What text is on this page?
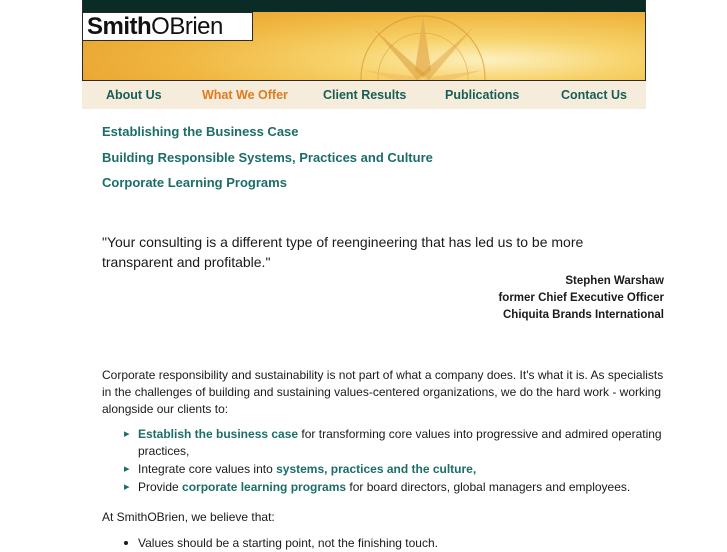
Smith OBrien
About Us	What We Offer	Client Results	Publications	Contact Us
Establishing the Business Case
Building Responsible Systems, Practices and Culture
Corporate Learning Programs
"Your consulting is a different type of reengineering that has led us to be more transparent and profitable."
Stephen Warshaw
former Chief Executive Officer
Chiquita Brands International
Corporate responsibility and sustainability is not part of what a company does. It's what it is. As specialists in the challenges of building and sustaining values-centered organizations, we do the hard work - working alongside our clients to:
▸ Establish the business case for transforming core values into progressive and admired operating practices,
▸ Integrate core values into systems, practices and the culture,
▸ Provide corporate learning programs for board directors, global managers and employees.
At SmithOBrien, we believe that:
Values should be a starting point, not the finishing touch.
